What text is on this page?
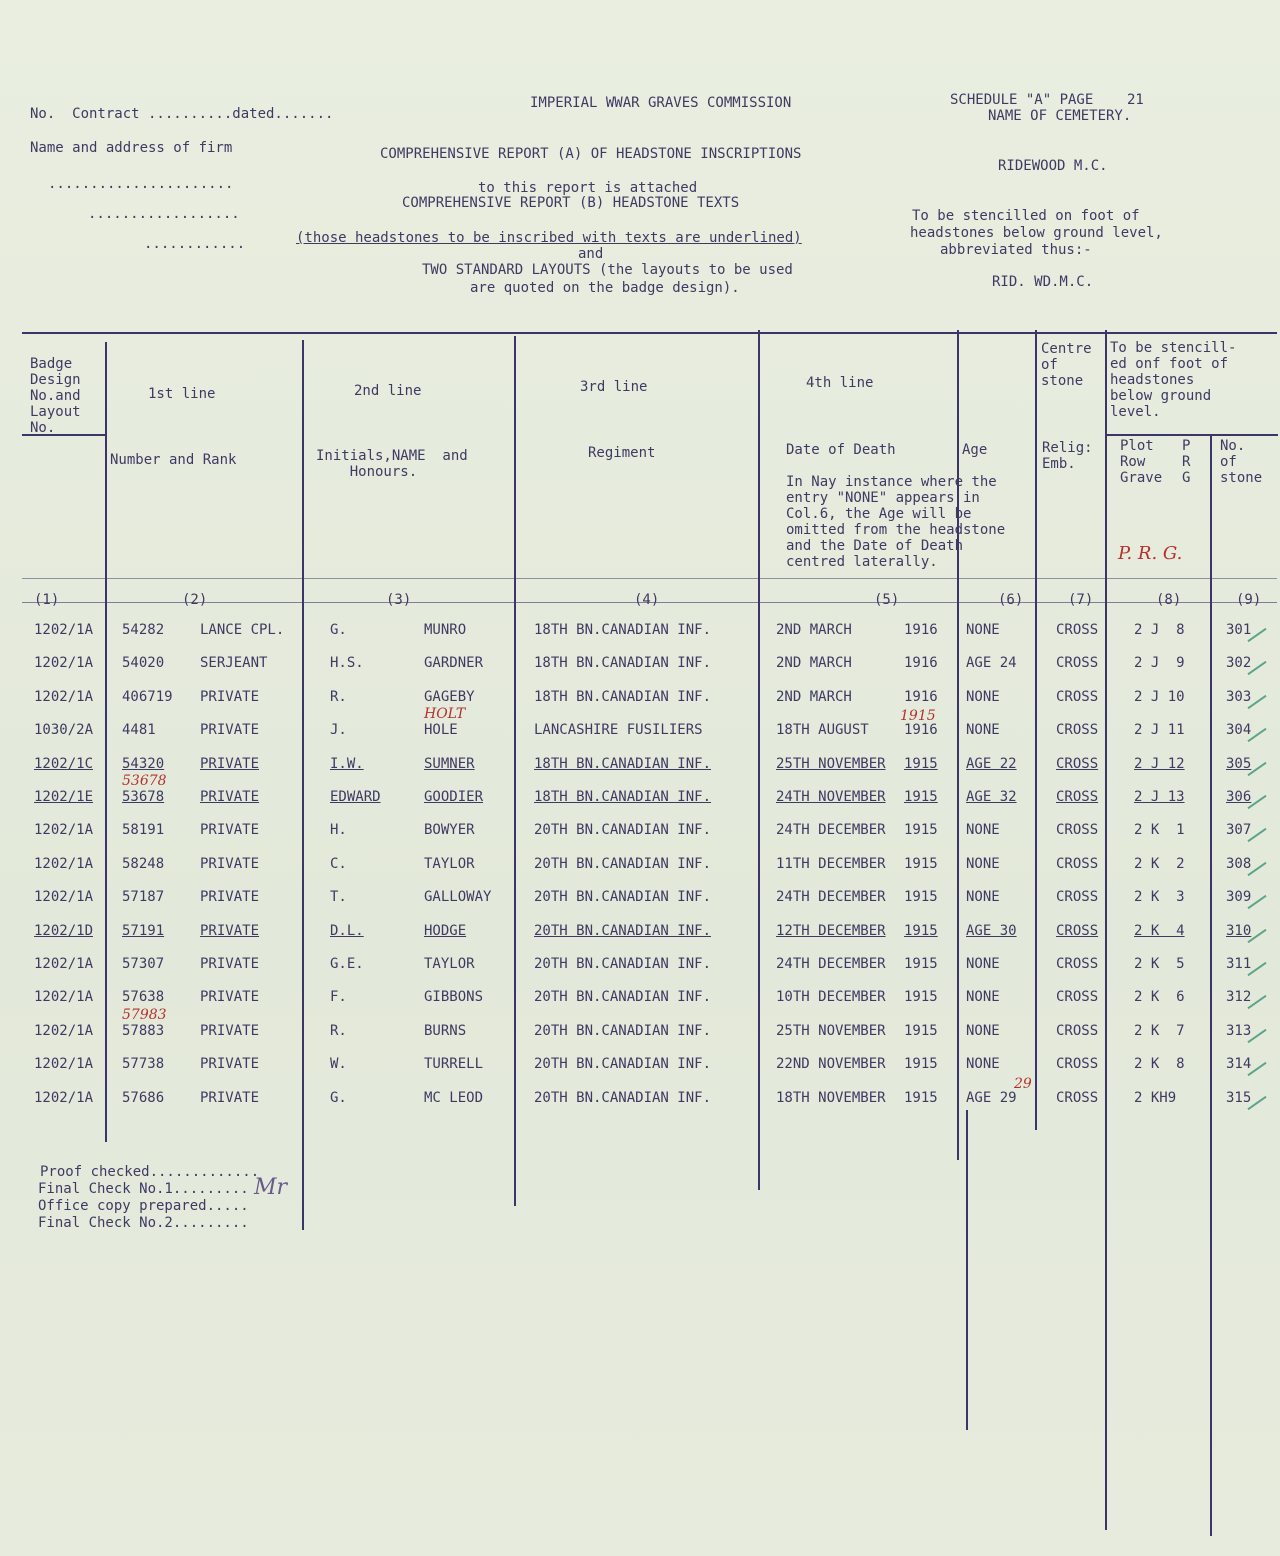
No.  Contract ..........dated.......
Name and address of firm
......................
..................
............
IMPERIAL WWAR GRAVES COMMISSION
COMPREHENSIVE REPORT (A) OF HEADSTONE INSCRIPTIONS
to this report is attached
COMPREHENSIVE REPORT (B) HEADSTONE TEXTS
(those headstones to be inscribed with texts are underlined)
and
TWO STANDARD LAYOUTS (the layouts to be used
are quoted on the badge design).
SCHEDULE "A" PAGE    21
NAME OF CEMETERY.
RIDEWOOD M.C.
To be stencilled on foot of
headstones below ground level,
abbreviated thus:-
RID. WD.M.C.
Badge
Design
No.and
Layout
No.
1st line	2nd line	3rd line	4th line
Centre
of
stone
To be stencill-
ed onf foot of
headstones
below ground
level.
Number and Rank	Initials,NAME  and
Honours.
Regiment	Date of Death	Age
In Nay instance where the
entry "NONE" appears in
Col.6, the Age will be
omitted from the headstone
and the Date of Death
centred laterally.
Relig:
Emb.
Plot
Row
Grave
P
R
G
No.
of
stone
P. R. G.
(1)	(2)	(3)	(4)	(5)	(6)	(7)	(8)	(9)
1202/1A 54282	LANCE CPL.	G.	MUNRO	18TH BN.CANADIAN INF.	2ND MARCH	1916 NONE	CROSS	2 J  8	301
1202/1A 54020	SERJEANT	H.S.	GARDNER	18TH BN.CANADIAN INF.	2ND MARCH	1916 AGE 24	CROSS	2 J  9	302
1202/1A 406719 PRIVATE	R.	GAGEBY	18TH BN.CANADIAN INF.	2ND MARCH	1916 NONE	CROSS	2 J 10	303
1030/2A 4481	PRIVATE	J.	HOLE	LANCASHIRE FUSILIERS	18TH AUGUST	1916 NONE	CROSS	2 J 11	304
HOLT	1915
1202/1C 54320	PRIVATE	I.W.	SUMNER	18TH BN.CANADIAN INF.	25TH NOVEMBER 1915 AGE 22	CROSS	2 J 12	305
1202/1E 53678	PRIVATE	EDWARD	GOODIER	18TH BN.CANADIAN INF.	24TH NOVEMBER 1915 AGE 32	CROSS	2 J 13	306
53678
1202/1A 58191	PRIVATE	H.	BOWYER	20TH BN.CANADIAN INF.	24TH DECEMBER 1915 NONE	CROSS	2 K  1	307
1202/1A 58248	PRIVATE	C.	TAYLOR	20TH BN.CANADIAN INF.	11TH DECEMBER 1915 NONE	CROSS	2 K  2	308
1202/1A 57187	PRIVATE	T.	GALLOWAY	20TH BN.CANADIAN INF.	24TH DECEMBER 1915 NONE	CROSS	2 K  3	309
1202/1D 57191	PRIVATE	D.L.	HODGE	20TH BN.CANADIAN INF.	12TH DECEMBER 1915 AGE 30	CROSS	2 K  4	310
1202/1A 57307	PRIVATE	G.E.	TAYLOR	20TH BN.CANADIAN INF.	24TH DECEMBER 1915 NONE	CROSS	2 K  5	311
1202/1A 57638	PRIVATE	F.	GIBBONS	20TH BN.CANADIAN INF.	10TH DECEMBER 1915 NONE	CROSS	2 K  6	312
1202/1A 57883	PRIVATE	R.	BURNS	20TH BN.CANADIAN INF.	25TH NOVEMBER 1915 NONE	CROSS	2 K  7	313
57983
1202/1A 57738	PRIVATE	W.	TURRELL	20TH BN.CANADIAN INF.	22ND NOVEMBER 1915 NONE	CROSS	2 K  8	314
1202/1A 57686	PRIVATE	G.	MC LEOD	20TH BN.CANADIAN INF.	18TH NOVEMBER 1915 AGE 29	CROSS	2 KH9	315
29
Proof checked.............
Final Check No.1.........
Office copy prepared.....
Final Check No.2.........
Mr
